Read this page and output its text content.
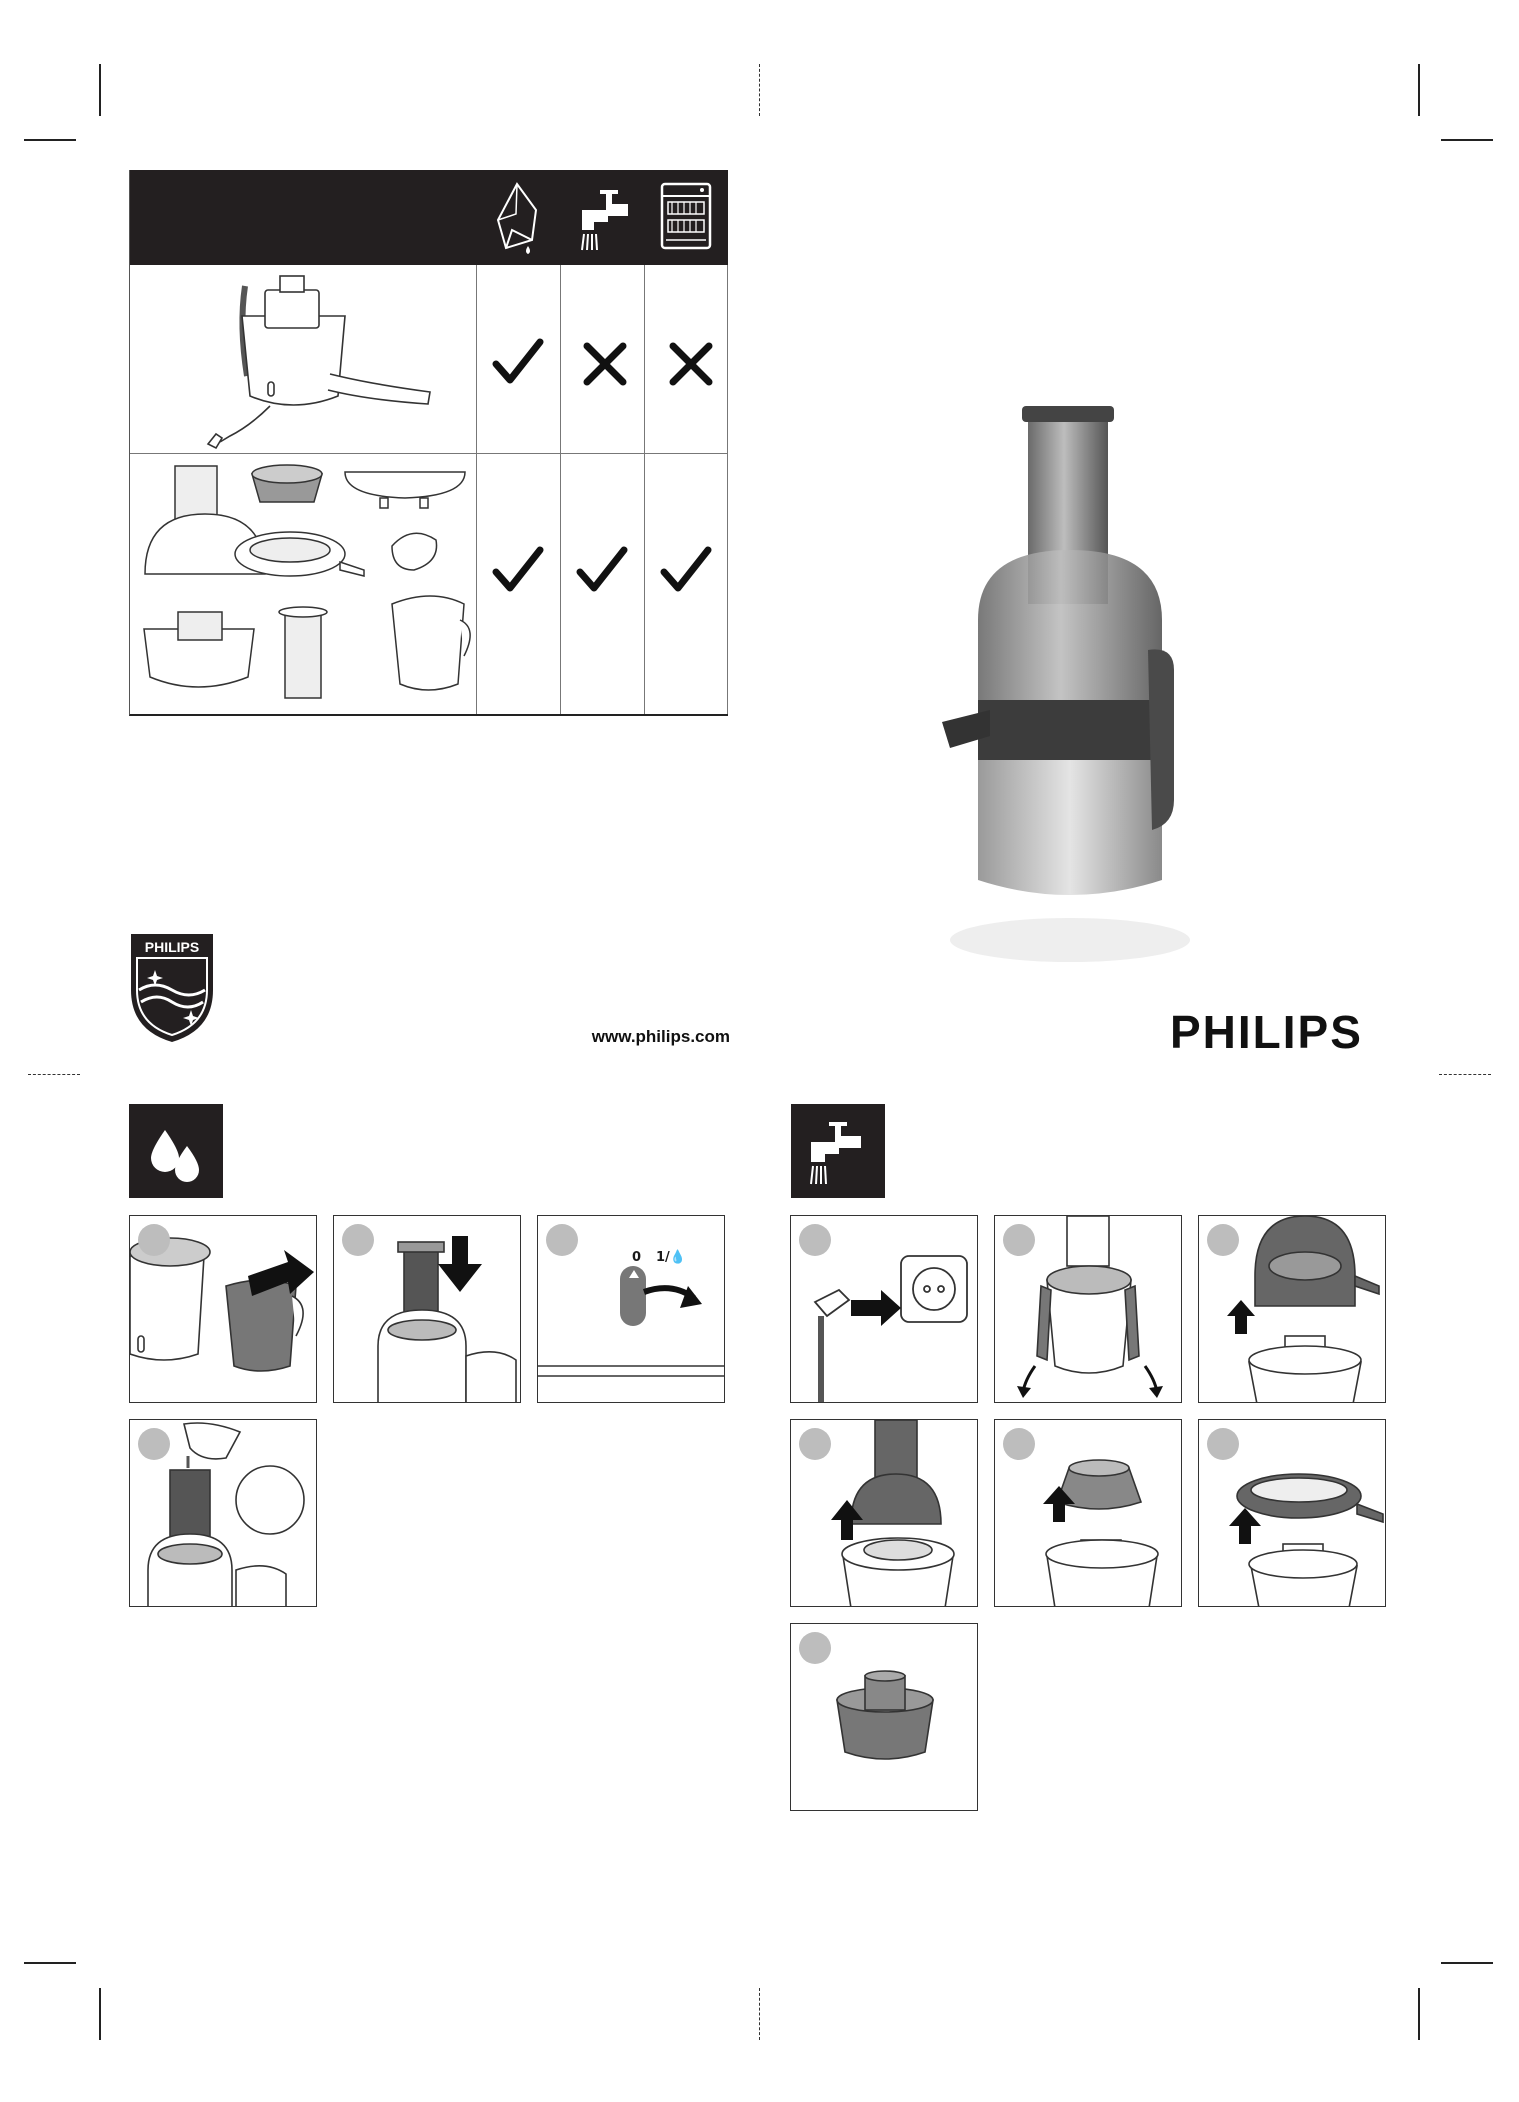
PHILIPS
www.philips.com	PHILIPS
0 1/💧
